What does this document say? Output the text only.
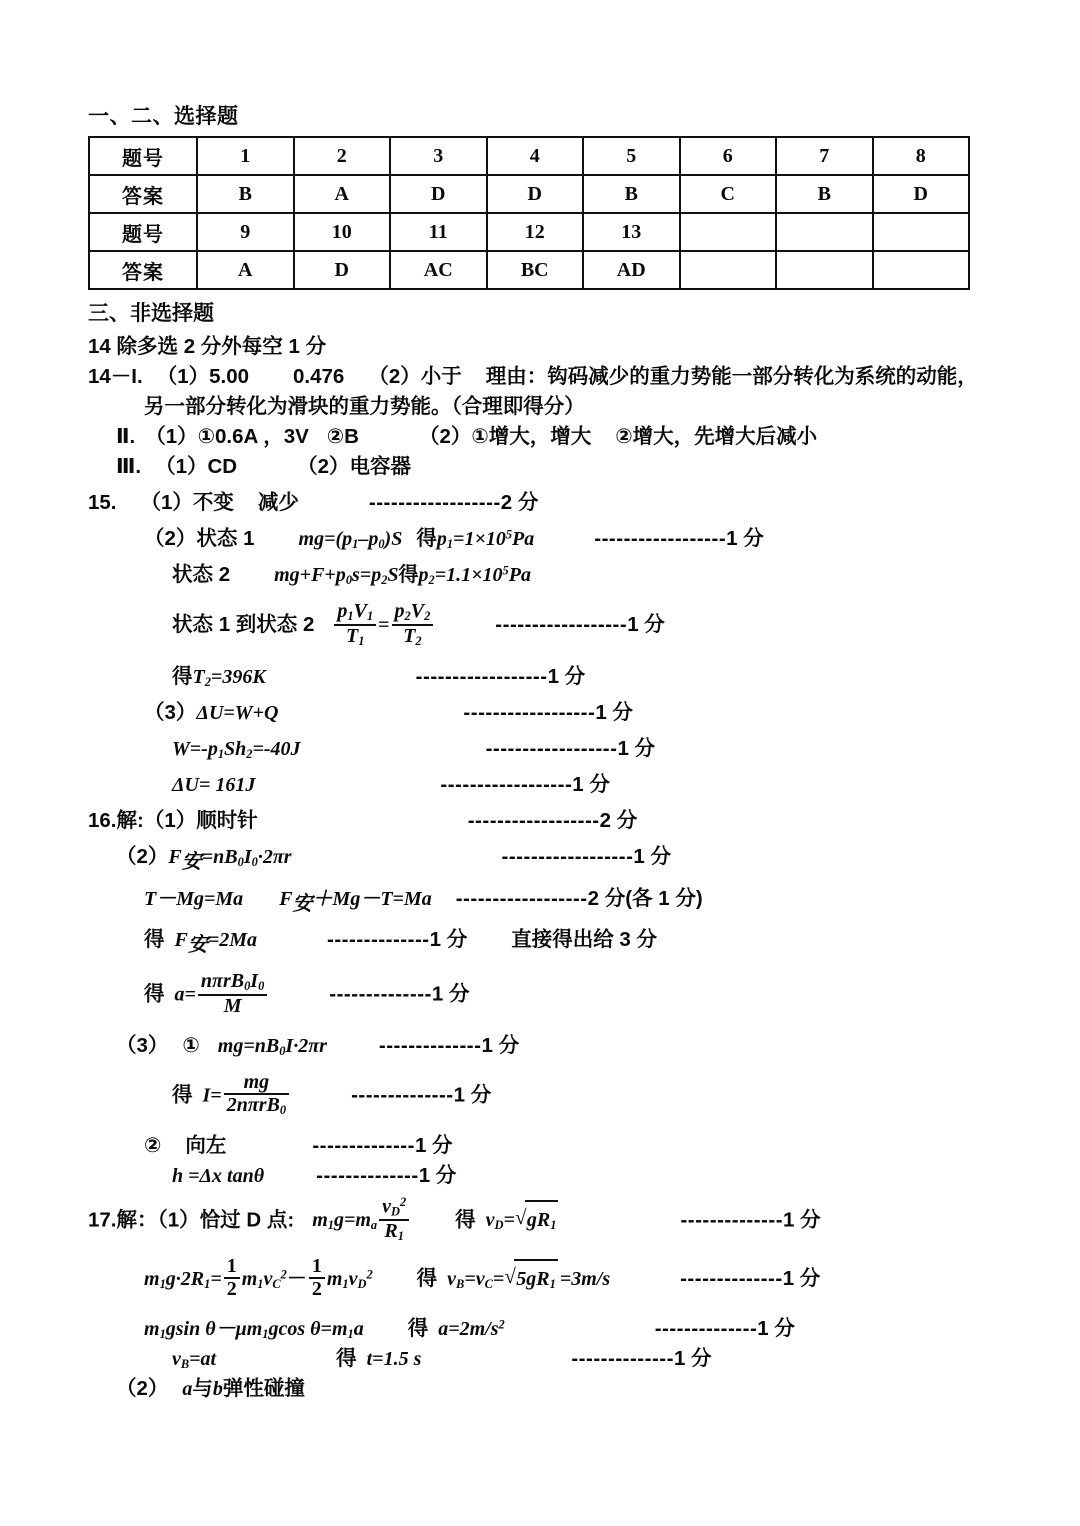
一、二、选择题
题号	1	2	3	4	5	6	7	8
答案	B	A	D	D	B	C	B	D
题号	9	10	11	12	13			
答案	A	D	AC	BC	AD			
三、非选择题
14 除多选 2 分外每空 1 分
14－I. （1）5.00 0.476 （2）小于 理由：钩码减少的重力势能一部分转化为系统的动能，
另一部分转化为滑块的重力势能。（合理即得分）
Ⅱ. （1）①0.6A ，3V ②B	（2）①增大，增大 ②增大，先增大后减小
Ⅲ. （1）CD	（2）电容器
15. （1）不变 减少	------------------2 分
（2）状态 1 $mg=(p_1-p_0)S$ 得$p_1=1\times 10^5Pa$	------------------1 分
状态 2 $mg+F+p_0s=p_2S$得$p_2=1.1\times 10^5Pa$
状态 1 到状态 $2 \frac{p_1V_1}{T_1} = \frac{p_2V_2}{T_2}$	------------------1 分
得$T_2=396K$	------------------1 分
（3）ΔU=W+Q	------------------1 分
$W=-p_1Sh_2=-40J$	------------------1 分
ΔU= 161J	------------------1 分
16.解:（1）顺时针	------------------2 分
$(2)F_安=nB_0I_0\cdot 2\pi r$	------------------1 分
T－Mg=Ma $F_安+Mg-T=Ma$ ------------------2 分(各 1 分)
得 $F_安=2Ma$	--------------1 分 直接得出给 3 分
得 $a= \frac{n\pi rB_0I_0}{M}$	--------------1 分
（3） ① $mg=nB_0I\cdot 2\pi r$	--------------1 分
得 $I= \frac{mg}{2n\pi rB_0}$	--------------1 分
② 向左	--------------1 分
h =Δx tanθ	--------------1 分
17.解：（1）恰过 D 点: $m_1g=m_a \frac{v_D^2}{R_1}$ 得 $v_D=$ √ $gR_1$	--------------1 分
$m_1g\cdot 2R_1= \frac{1}{2} m_1v_C^2- \frac{1}{2} m_1v_D^2$ 得 $v_B=v_C=$ √ $5gR_1 =3m/s$	--------------1 分
$m_1gsin$ $\theta-\mu m_1gcos$ $\theta=m_1a$ 得 $a=2m/s^2$	--------------1 分
$v_B=at$	得 t=1.5 s	--------------1 分
（2） a与b弹性碰撞
